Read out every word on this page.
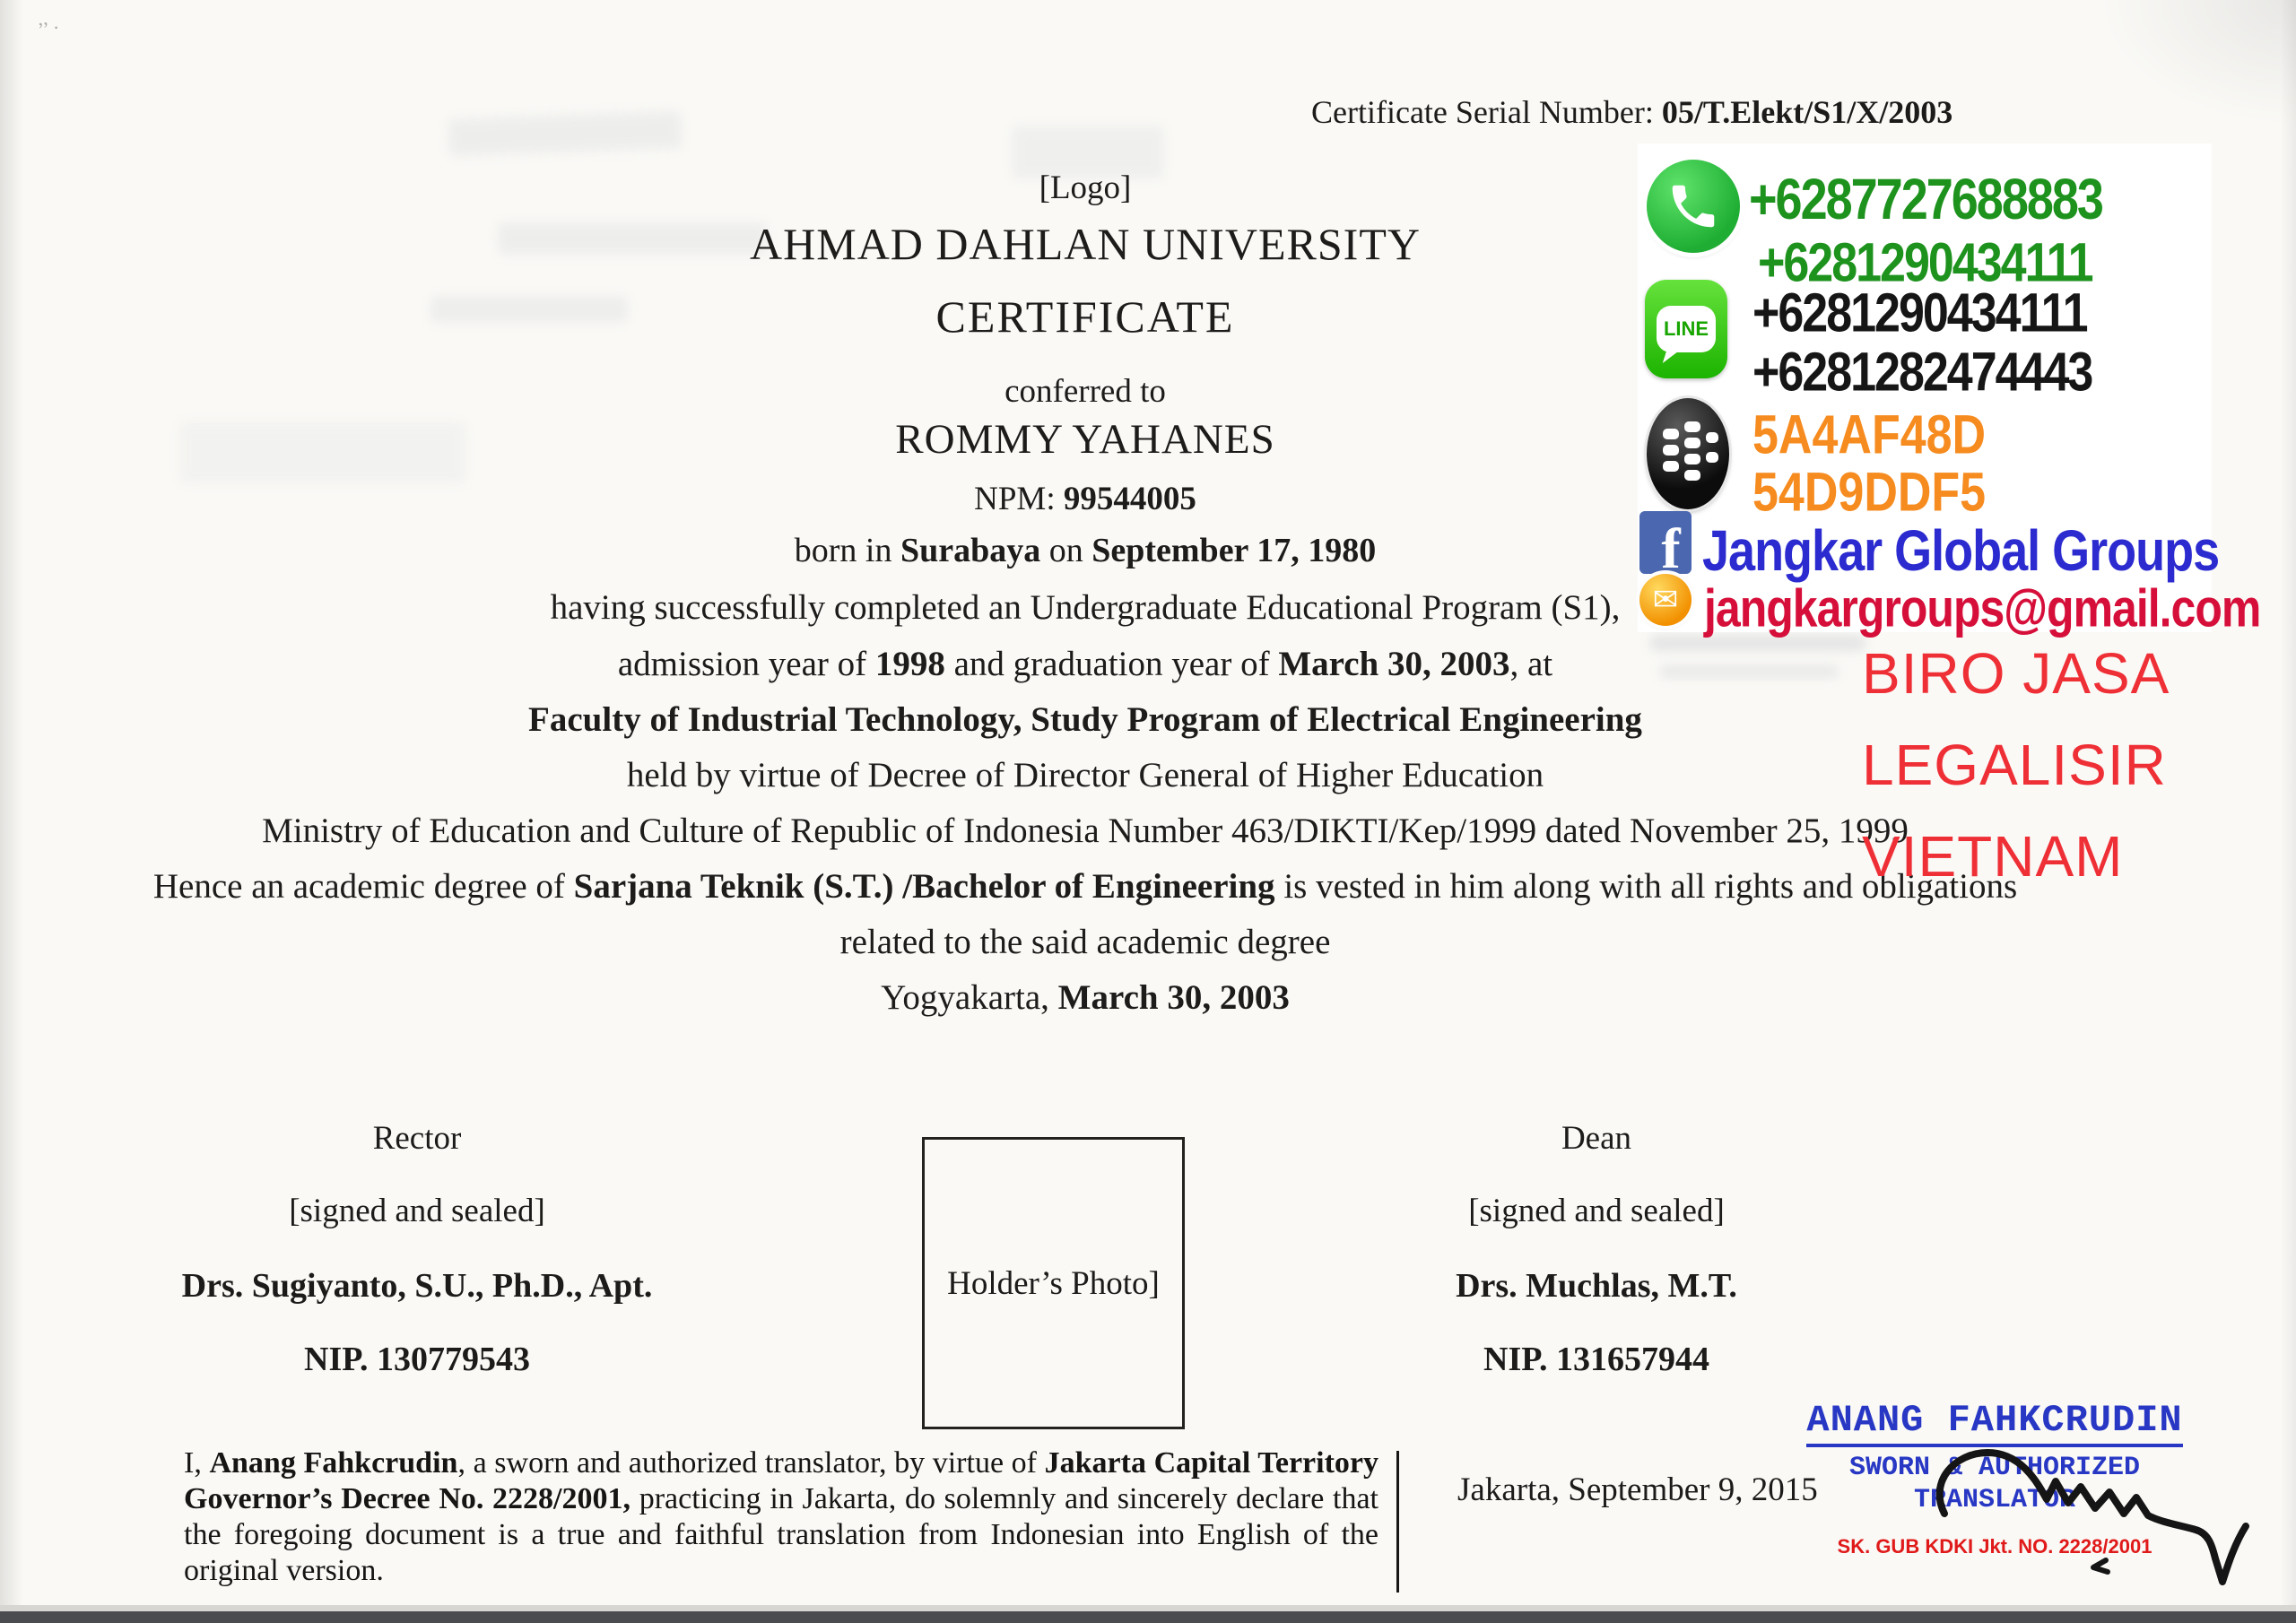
’’ ·
Certificate Serial Number: 05/T.Elekt/S1/X/2003
[Logo]
AHMAD DAHLAN UNIVERSITY
CERTIFICATE
conferred to
ROMMY YAHANES
NPM: 99544005
born in Surabaya on September 17, 1980
having successfully completed an Undergraduate Educational Program (S1),
admission year of 1998 and graduation year of March 30, 2003, at
Faculty of Industrial Technology, Study Program of Electrical Engineering
held by virtue of Decree of Director General of Higher Education
Ministry of Education and Culture of Republic of Indonesia Number 463/DIKTI/Kep/1999 dated November 25, 1999
Hence an academic degree of Sarjana Teknik (S.T.) /Bachelor of Engineering is vested in him along with all rights and obligations
related to the said academic degree
Yogyakarta, March 30, 2003
Rector
[signed and sealed]
Drs. Sugiyanto, S.U., Ph.D., Apt.
NIP. 130779543
Holder’s Photo]
Dean
[signed and sealed]
Drs. Muchlas, M.T.
NIP. 131657944
I, Anang Fahkcrudin, a sworn and authorized translator, by virtue of Jakarta Capital Territory Governor’s Decree No. 2228/2001, practicing in Jakarta, do solemnly and sincerely declare that the foregoing document is a true and faithful translation from Indonesian into English of the original version.
Jakarta, September 9, 2015
ANANG FAHKCRUDIN
SWORN & AUTHORIZED
TRANSLATOR
SK. GUB KDKI Jkt. NO. 2228/2001
+6287727688883
+6281290434111
LINE +6281290434111
+6281282474443
5A4AF48D
54D9DDF5
f Jangkar Global Groups
✉ jangkargroups@gmail.com
BIRO JASA
LEGALISIR
VIETNAM
